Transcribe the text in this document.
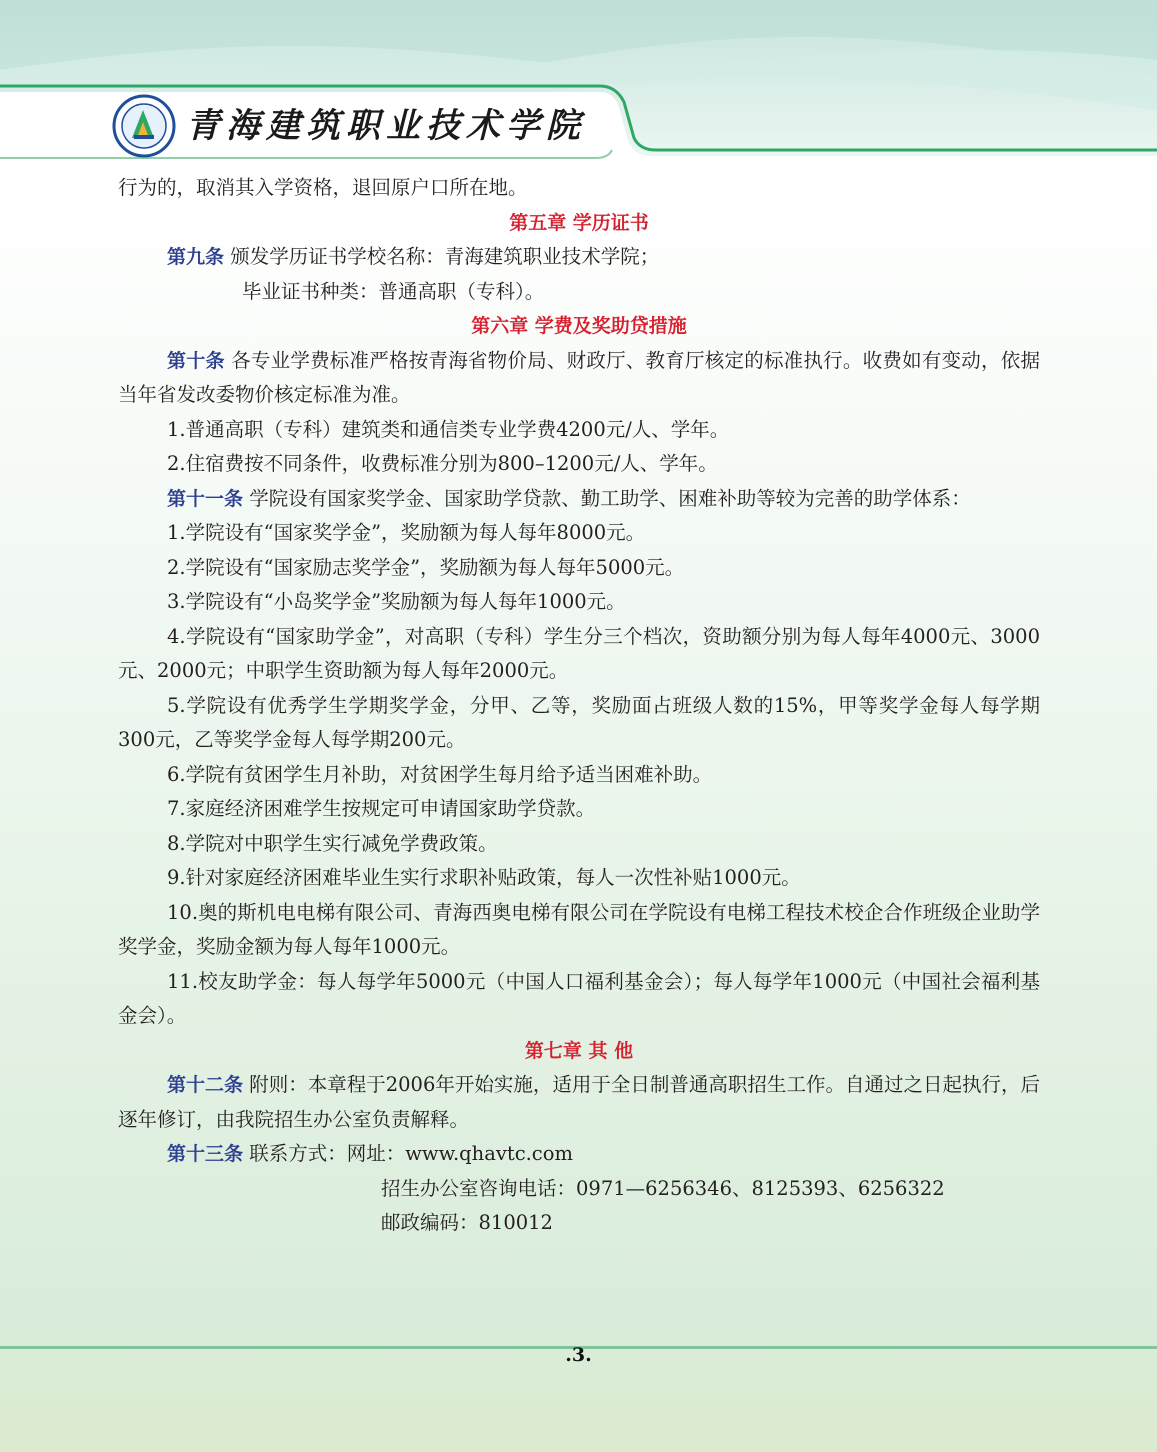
青海建筑职业技术学院

行为的，取消其入学资格，退回原户口所在地。

第五章 学历证书

第九条 颁发学历证书学校名称：青海建筑职业技术学院；

毕业证书种类：普通高职（专科）。

第六章 学费及奖助贷措施

第十条 各专业学费标准严格按青海省物价局、财政厅、教育厅核定的标准执行。收费如有变动，依据当年省发改委物价核定标准为准。

1.普通高职（专科）建筑类和通信类专业学费4200元/人、学年。

2.住宿费按不同条件，收费标准分别为800–1200元/人、学年。

第十一条 学院设有国家奖学金、国家助学贷款、勤工助学、困难补助等较为完善的助学体系：

1.学院设有“国家奖学金”，奖励额为每人每年8000元。

2.学院设有“国家励志奖学金”，奖励额为每人每年5000元。

3.学院设有“小岛奖学金”奖励额为每人每年1000元。

4.学院设有“国家助学金”，对高职（专科）学生分三个档次，资助额分别为每人每年4000元、3000元、2000元；中职学生资助额为每人每年2000元。

5.学院设有优秀学生学期奖学金，分甲、乙等，奖励面占班级人数的15%，甲等奖学金每人每学期300元，乙等奖学金每人每学期200元。

6.学院有贫困学生月补助，对贫困学生每月给予适当困难补助。

7.家庭经济困难学生按规定可申请国家助学贷款。

8.学院对中职学生实行减免学费政策。

9.针对家庭经济困难毕业生实行求职补贴政策，每人一次性补贴1000元。

10.奥的斯机电电梯有限公司、青海西奥电梯有限公司在学院设有电梯工程技术校企合作班级企业助学奖学金，奖励金额为每人每年1000元。

11.校友助学金：每人每学年5000元（中国人口福利基金会）；每人每学年1000元（中国社会福利基金会）。

第七章 其 他

第十二条 附则：本章程于2006年开始实施，适用于全日制普通高职招生工作。自通过之日起执行，后逐年修订，由我院招生办公室负责解释。

第十三条 联系方式：网址：www.qhavtc.com

招生办公室咨询电话：0971—6256346、8125393、6256322

邮政编码：810012

.3.
